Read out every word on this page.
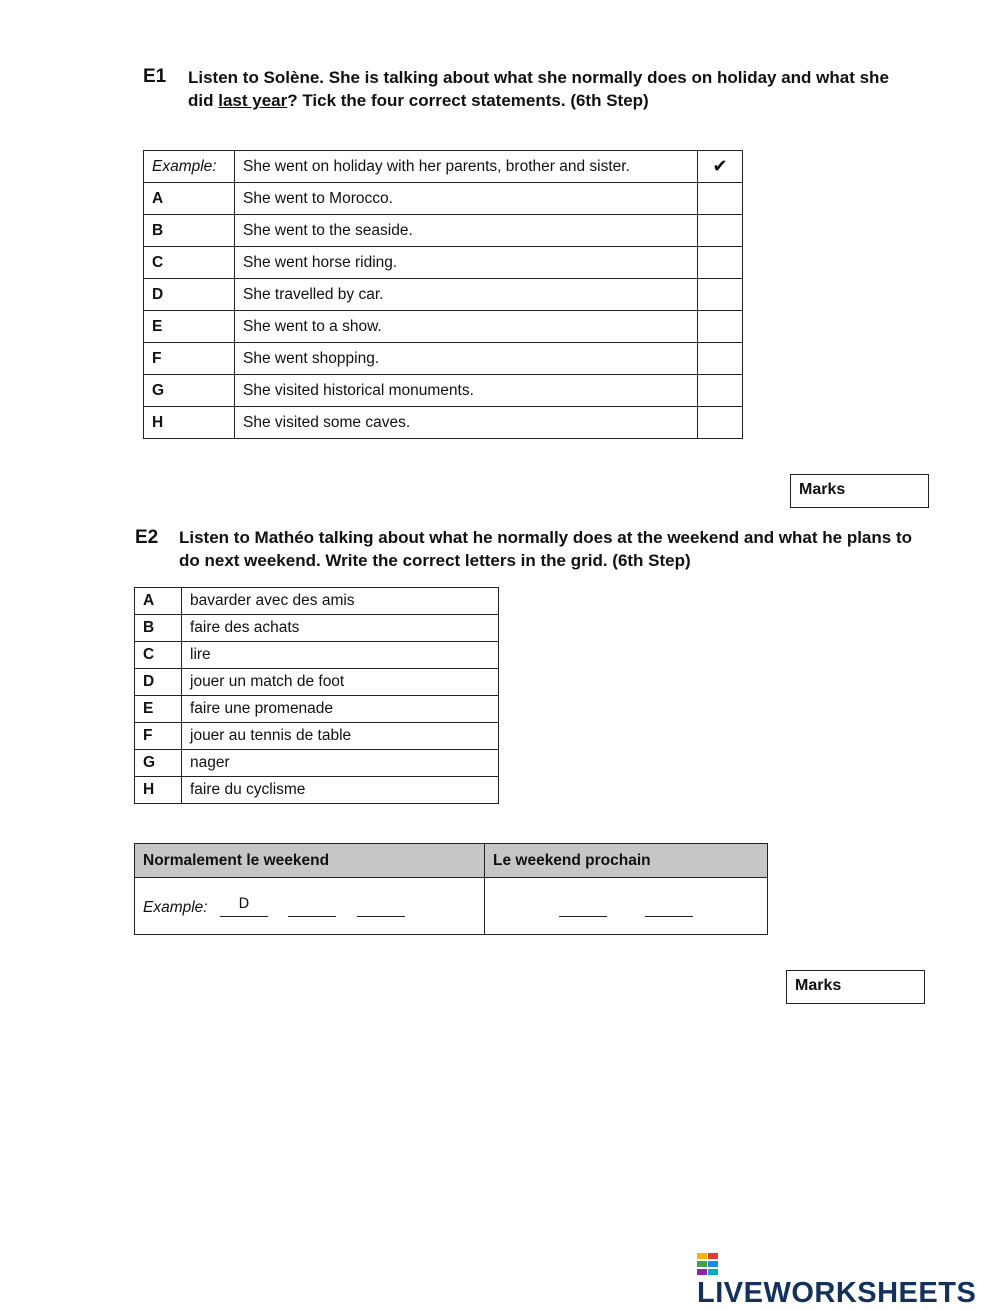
E1 Listen to Solène. She is talking about what she normally does on holiday and what she did last year? Tick the four correct statements. (6th Step)
Example:	She went on holiday with her parents, brother and sister.	✔
A	She went to Morocco.	
B	She went to the seaside.	
C	She went horse riding.	
D	She travelled by car.	
E	She went to a show.	
F	She went shopping.	
G	She visited historical monuments.	
H	She visited some caves.	
Marks
E2 Listen to Mathéo talking about what he normally does at the weekend and what he plans to do next weekend. Write the correct letters in the grid. (6th Step)
A	bavarder avec des amis
B	faire des achats
C	lire
D	jouer un match de foot
E	faire une promenade
F	jouer au tennis de table
G	nager
H	faire du cyclisme
Normalement le weekend	Le weekend prochain
Example: D	
Marks
LIVEWORKSHEETS
